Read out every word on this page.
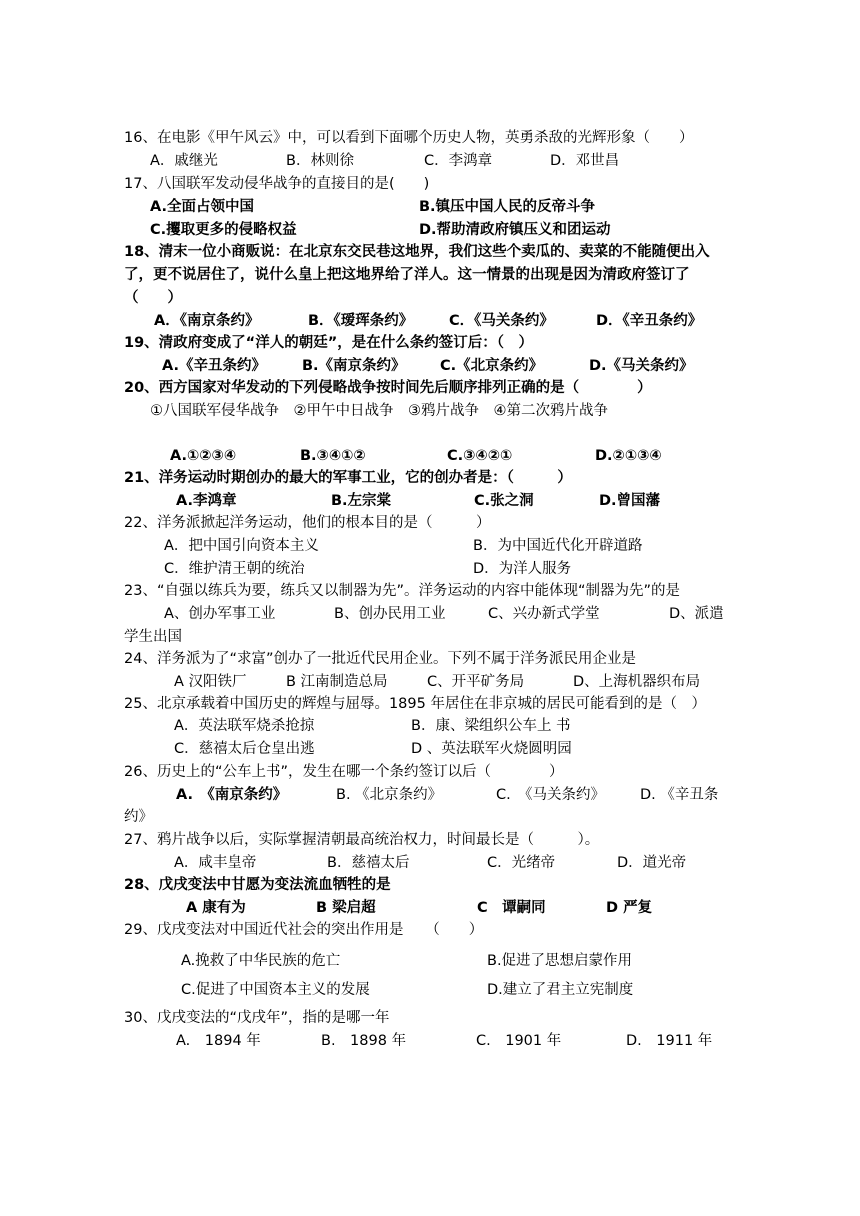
16、在电影《甲午风云》中，可以看到下面哪个历史人物，英勇杀敌的光辉形象（　　）
A．戚继光	B．林则徐	C．李鸿章	D．邓世昌
17、八国联军发动侵华战争的直接目的是(　　)
A.全面占领中国	B.镇压中国人民的反帝斗争
C.攫取更多的侵略权益	D.帮助清政府镇压义和团运动
18、清末一位小商贩说：在北京东交民巷这地界，我们这些个卖瓜的、卖菜的不能随便出入
了，更不说居住了，说什么皇上把这地界给了洋人。这一情景的出现是因为清政府签订了
（　　）
A．《南京条约》	B．《瑷珲条约》 C．《马关条约》	D．《辛丑条约》
19、清政府变成了“洋人的朝廷”，是在什么条约签订后：（　）
A.《辛丑条约》 B.《南京条约》 C.《北京条约》	D.《马关条约》
20、西方国家对华发动的下列侵略战争按时间先后顺序排列正确的是（　　　　）
①八国联军侵华战争　②甲午中日战争　③鸦片战争　④第二次鸦片战争
A.①②③④	B.③④①②	C.③④②①	D.②①③④
21、洋务运动时期创办的最大的军事工业，它的创办者是：（　　　）
A.李鸿章	B.左宗棠	C.张之洞	D.曾国藩
22、洋务派掀起洋务运动，他们的根本目的是（　　　）
A．把中国引向资本主义	B．为中国近代化开辟道路
C．维护清王朝的统治	D．为洋人服务
23、“自强以练兵为要，练兵又以制器为先”。洋务运动的内容中能体现“制器为先”的是
A、创办军事工业	B、创办民用工业	C、兴办新式学堂	D、派遣
学生出国
24、洋务派为了“求富”创办了一批近代民用企业。下列不属于洋务派民用企业是
A 汉阳铁厂	B 江南制造总局	C、开平矿务局	D、上海机器织布局
25、北京承载着中国历史的辉煌与屈辱。1895 年居住在非京城的居民可能看到的是（　）
A．英法联军烧杀抢掠	B．康、梁组织公车上 书
C．慈禧太后仓皇出逃	D 、英法联军火烧圆明园
26、历史上的“公车上书”，发生在哪一个条约签订以后（　　　　）
A.　《南京条约》	B. 《北京条约》	C.　《马关条约》 D. 《辛丑条
约》
27、鸦片战争以后，实际掌握清朝最高统治权力，时间最长是（　　　）。
A．咸丰皇帝	B．慈禧太后	C．光绪帝	D．道光帝
28、戊戌变法中甘愿为变法流血牺牲的是
A 康有为	B 梁启超	C　谭嗣同	D 严复
29、戊戌变法对中国近代社会的突出作用是　　（　　）
A.挽救了中华民族的危亡	B.促进了思想启蒙作用
C.促进了中国资本主义的发展	D.建立了君主立宪制度
30、戊戌变法的“戊戌年”，指的是哪一年
A.　1894 年	B.　1898 年	C.　1901 年	D.　1911 年
